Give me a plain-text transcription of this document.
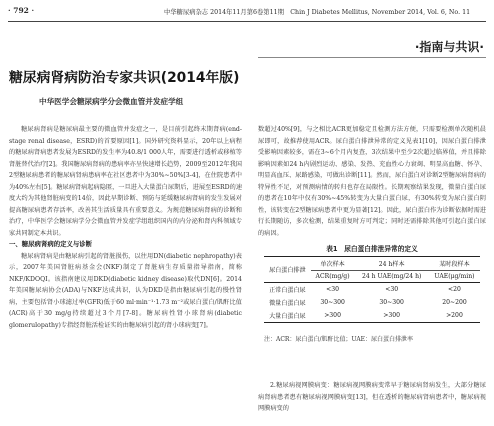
· 792 ·	中华糖尿病杂志 2014年11月第6卷第11期　Chin J Diabetes Mellitus, November 2014, Vol. 6, No. 11
·指南与共识·
糖尿病肾病防治专家共识(2014年版)
中华医学会糖尿病学分会微血管并发症学组

糖尿病肾病是糖尿病最主要的微血管并发症之一，是目前引起终末期肾病(end-stage renal disease，ESRD)的首要原因[1]。国外研究资料显示，20年以上病程的糖尿病肾病患者发展为ESRD的发生率为40.8/1 000人年，需要进行透析或移植等肾脏替代治疗[2]。我国糖尿病肾病的患病率亦呈快速增长趋势，2009至2012年我国2型糖尿病患者的糖尿病肾病患病率在社区患者中为30%~50%[3-4]，在住院患者中为40%左右[5]。糖尿病肾病起病隐匿，一旦进入大量蛋白尿期后，进展至ESRD的速度大约为其他肾脏病变的14倍，因此早期诊断、预防与延缓糖尿病肾病的发生发展对提高糖尿病患者存活率，改善其生活质量具有重要意义。为规范糖尿病肾病的诊断和治疗，中华医学会糖尿病学分会微血管并发症学组组织国内的内分泌和肾内科领域专家共同制定本共识。

一、糖尿病肾病的定义与诊断

糖尿病肾病是由糖尿病引起的肾脏损伤，以往用DN(diabetic nephropathy)表示，2007年美国肾脏病基金会(NKF)制定了肾脏病生存质量指导指南，简称NKF/KDOQI。该指南建议用DKD(diabetic kidney disease)取代DN[6]。2014年美国糖尿病协会(ADA)与NKF达成共识，认为DKD是指由糖尿病引起的慢性肾病，主要包括肾小球滤过率(GFR)低于60 ml·min⁻¹·1.73 m⁻²或尿白蛋白/肌酐比值(ACR)高于30 mg/g持续超过3个月[7-8]。糖尿病性肾小球肾病(diabetic glomerulopathy)专指经肾脏活检证实的由糖尿病引起的肾小球病变[7]。

数超过40%[9]，与之相比ACR更加稳定且检测方法方便，只需要检测单次随机晨尿即可，故推荐使用ACR。尿白蛋白排泄异常的定义见表1[10]，因尿白蛋白排泄受影响因素较多，需在3~6个月内复查，3次结果中至少2次超过临界值，并且排除影响因素如24 h内剧烈运动、感染、发热、充血性心力衰竭、明显高血糖、怀孕、明显高血压、尿路感染，可做出诊断[11]。然而，尿白蛋白对诊断2型糖尿病肾病的特异性不足，对预测病情的转归也存在局限性。长期观察结果发现，微量白蛋白尿的患者在10年中仅有30%~45%转变为大量白蛋白尿，有30%转变为尿白蛋白阴性，该转变在2型糖尿病患者中更为显著[12]。因此，尿白蛋白作为诊断依据时需进行长期随访，多次检测，结果重复时方可判定；同时还需排除其他可引起白蛋白尿的病因。

表1　尿白蛋白排泄异常的定义
尿白蛋白排泄	单次样本	24 h样本	某时段样本
	ACR(mg/g)	24 h UAE(mg/24 h)	UAE(μg/min)
正常白蛋白尿	<30	<30	<20
微量白蛋白尿	30~300	30~300	20~200
大量白蛋白尿	>300	>300	>200
注：ACR：尿白蛋白/肌酐比值；UAE：尿白蛋白排泄率

2.糖尿病视网膜病变：糖尿病视网膜病变常早于糖尿病肾病发生，大部分糖尿病肾病患者患有糖尿病视网膜病变[13]，但在透析的糖尿病肾病患者中，糖尿病视网膜病变的
